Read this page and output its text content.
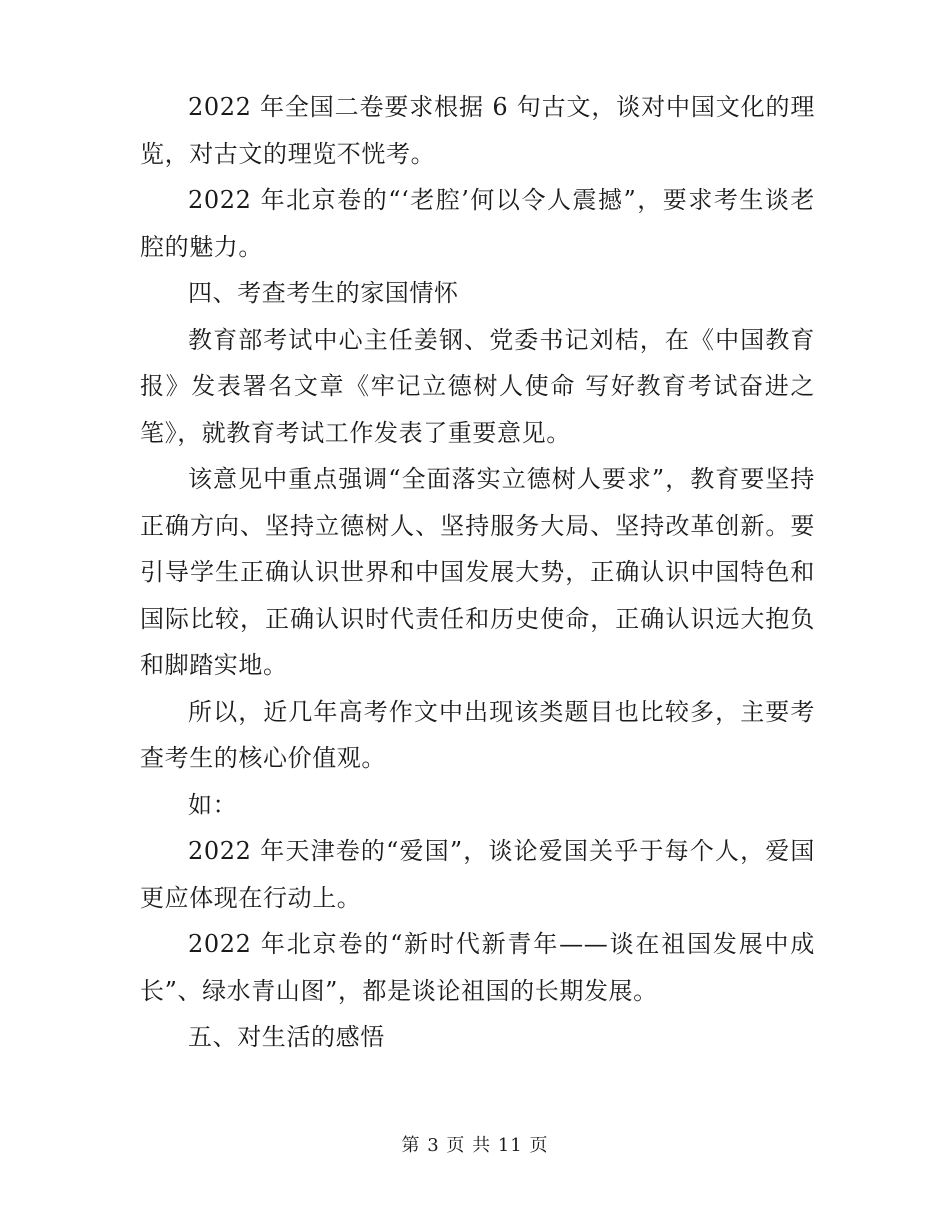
2022 年全国二卷要求根据 6 句古文，谈对中国文化的理览，对古文的理览不恍考。

2022 年北京卷的“‘老腔’何以令人震撼”，要求考生谈老腔的魅力。

四、考查考生的家国情怀

教育部考试中心主任姜钢、党委书记刘桔，在《中国教育报》发表署名文章《牢记立德树人使命 写好教育考试奋进之笔》，就教育考试工作发表了重要意见。

该意见中重点强调“全面落实立德树人要求”，教育要坚持正确方向、坚持立德树人、坚持服务大局、坚持改革创新。要引导学生正确认识世界和中国发展大势，正确认识中国特色和国际比较，正确认识时代责任和历史使命，正确认识远大抱负和脚踏实地。

所以，近几年高考作文中出现该类题目也比较多，主要考查考生的核心价值观。

如：

2022 年天津卷的“爱国”，谈论爱国关乎于每个人，爱国更应体现在行动上。

2022 年北京卷的“新时代新青年——谈在祖国发展中成长”、绿水青山图”，都是谈论祖国的长期发展。

五、对生活的感悟

第 3 页 共 11 页
